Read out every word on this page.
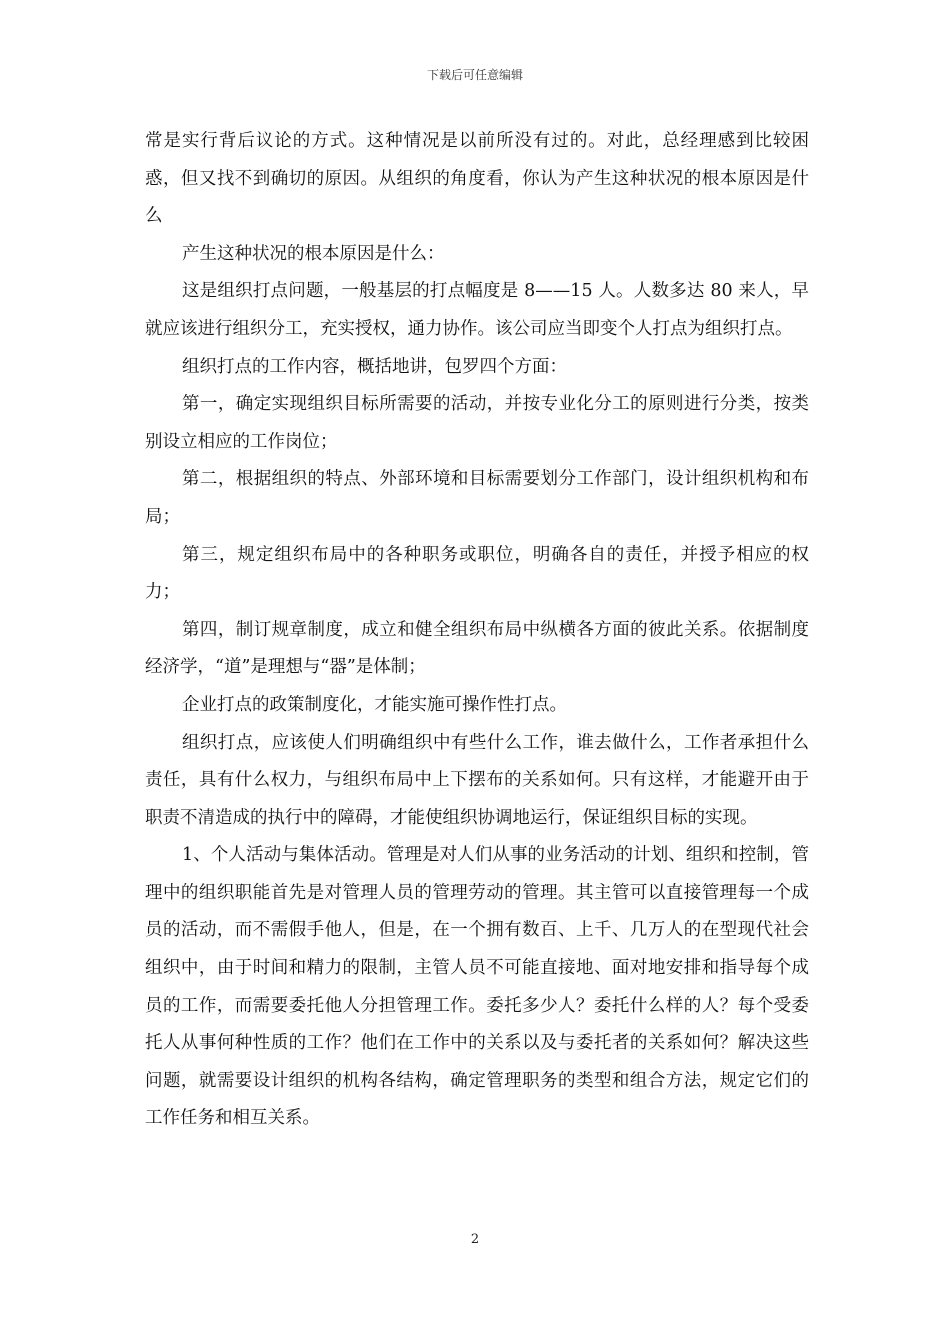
下载后可任意编辑

常是实行背后议论的方式。这种情况是以前所没有过的。对此，总经理感到比较困惑，但又找不到确切的原因。从组织的角度看，你认为产生这种状况的根本原因是什么

产生这种状况的根本原因是什么：

这是组织打点问题，一般基层的打点幅度是 8——15 人。人数多达 80 来人，早就应该进行组织分工，充实授权，通力协作。该公司应当即变个人打点为组织打点。

组织打点的工作内容，概括地讲，包罗四个方面：

第一，确定实现组织目标所需要的活动，并按专业化分工的原则进行分类，按类别设立相应的工作岗位；

第二，根据组织的特点、外部环境和目标需要划分工作部门，设计组织机构和布局；

第三，规定组织布局中的各种职务或职位，明确各自的责任，并授予相应的权力；

第四，制订规章制度，成立和健全组织布局中纵横各方面的彼此关系。依据制度经济学，“道”是理想与“器”是体制；

企业打点的政策制度化，才能实施可操作性打点。

组织打点，应该使人们明确组织中有些什么工作，谁去做什么，工作者承担什么责任，具有什么权力，与组织布局中上下摆布的关系如何。只有这样，才能避开由于职责不清造成的执行中的障碍，才能使组织协调地运行，保证组织目标的实现。

1、个人活动与集体活动。管理是对人们从事的业务活动的计划、组织和控制，管理中的组织职能首先是对管理人员的管理劳动的管理。其主管可以直接管理每一个成员的活动，而不需假手他人，但是，在一个拥有数百、上千、几万人的在型现代社会组织中，由于时间和精力的限制，主管人员不可能直接地、面对地安排和指导每个成员的工作，而需要委托他人分担管理工作。委托多少人？委托什么样的人？每个受委托人从事何种性质的工作？他们在工作中的关系以及与委托者的关系如何？解决这些问题，就需要设计组织的机构各结构，确定管理职务的类型和组合方法，规定它们的工作任务和相互关系。

2
